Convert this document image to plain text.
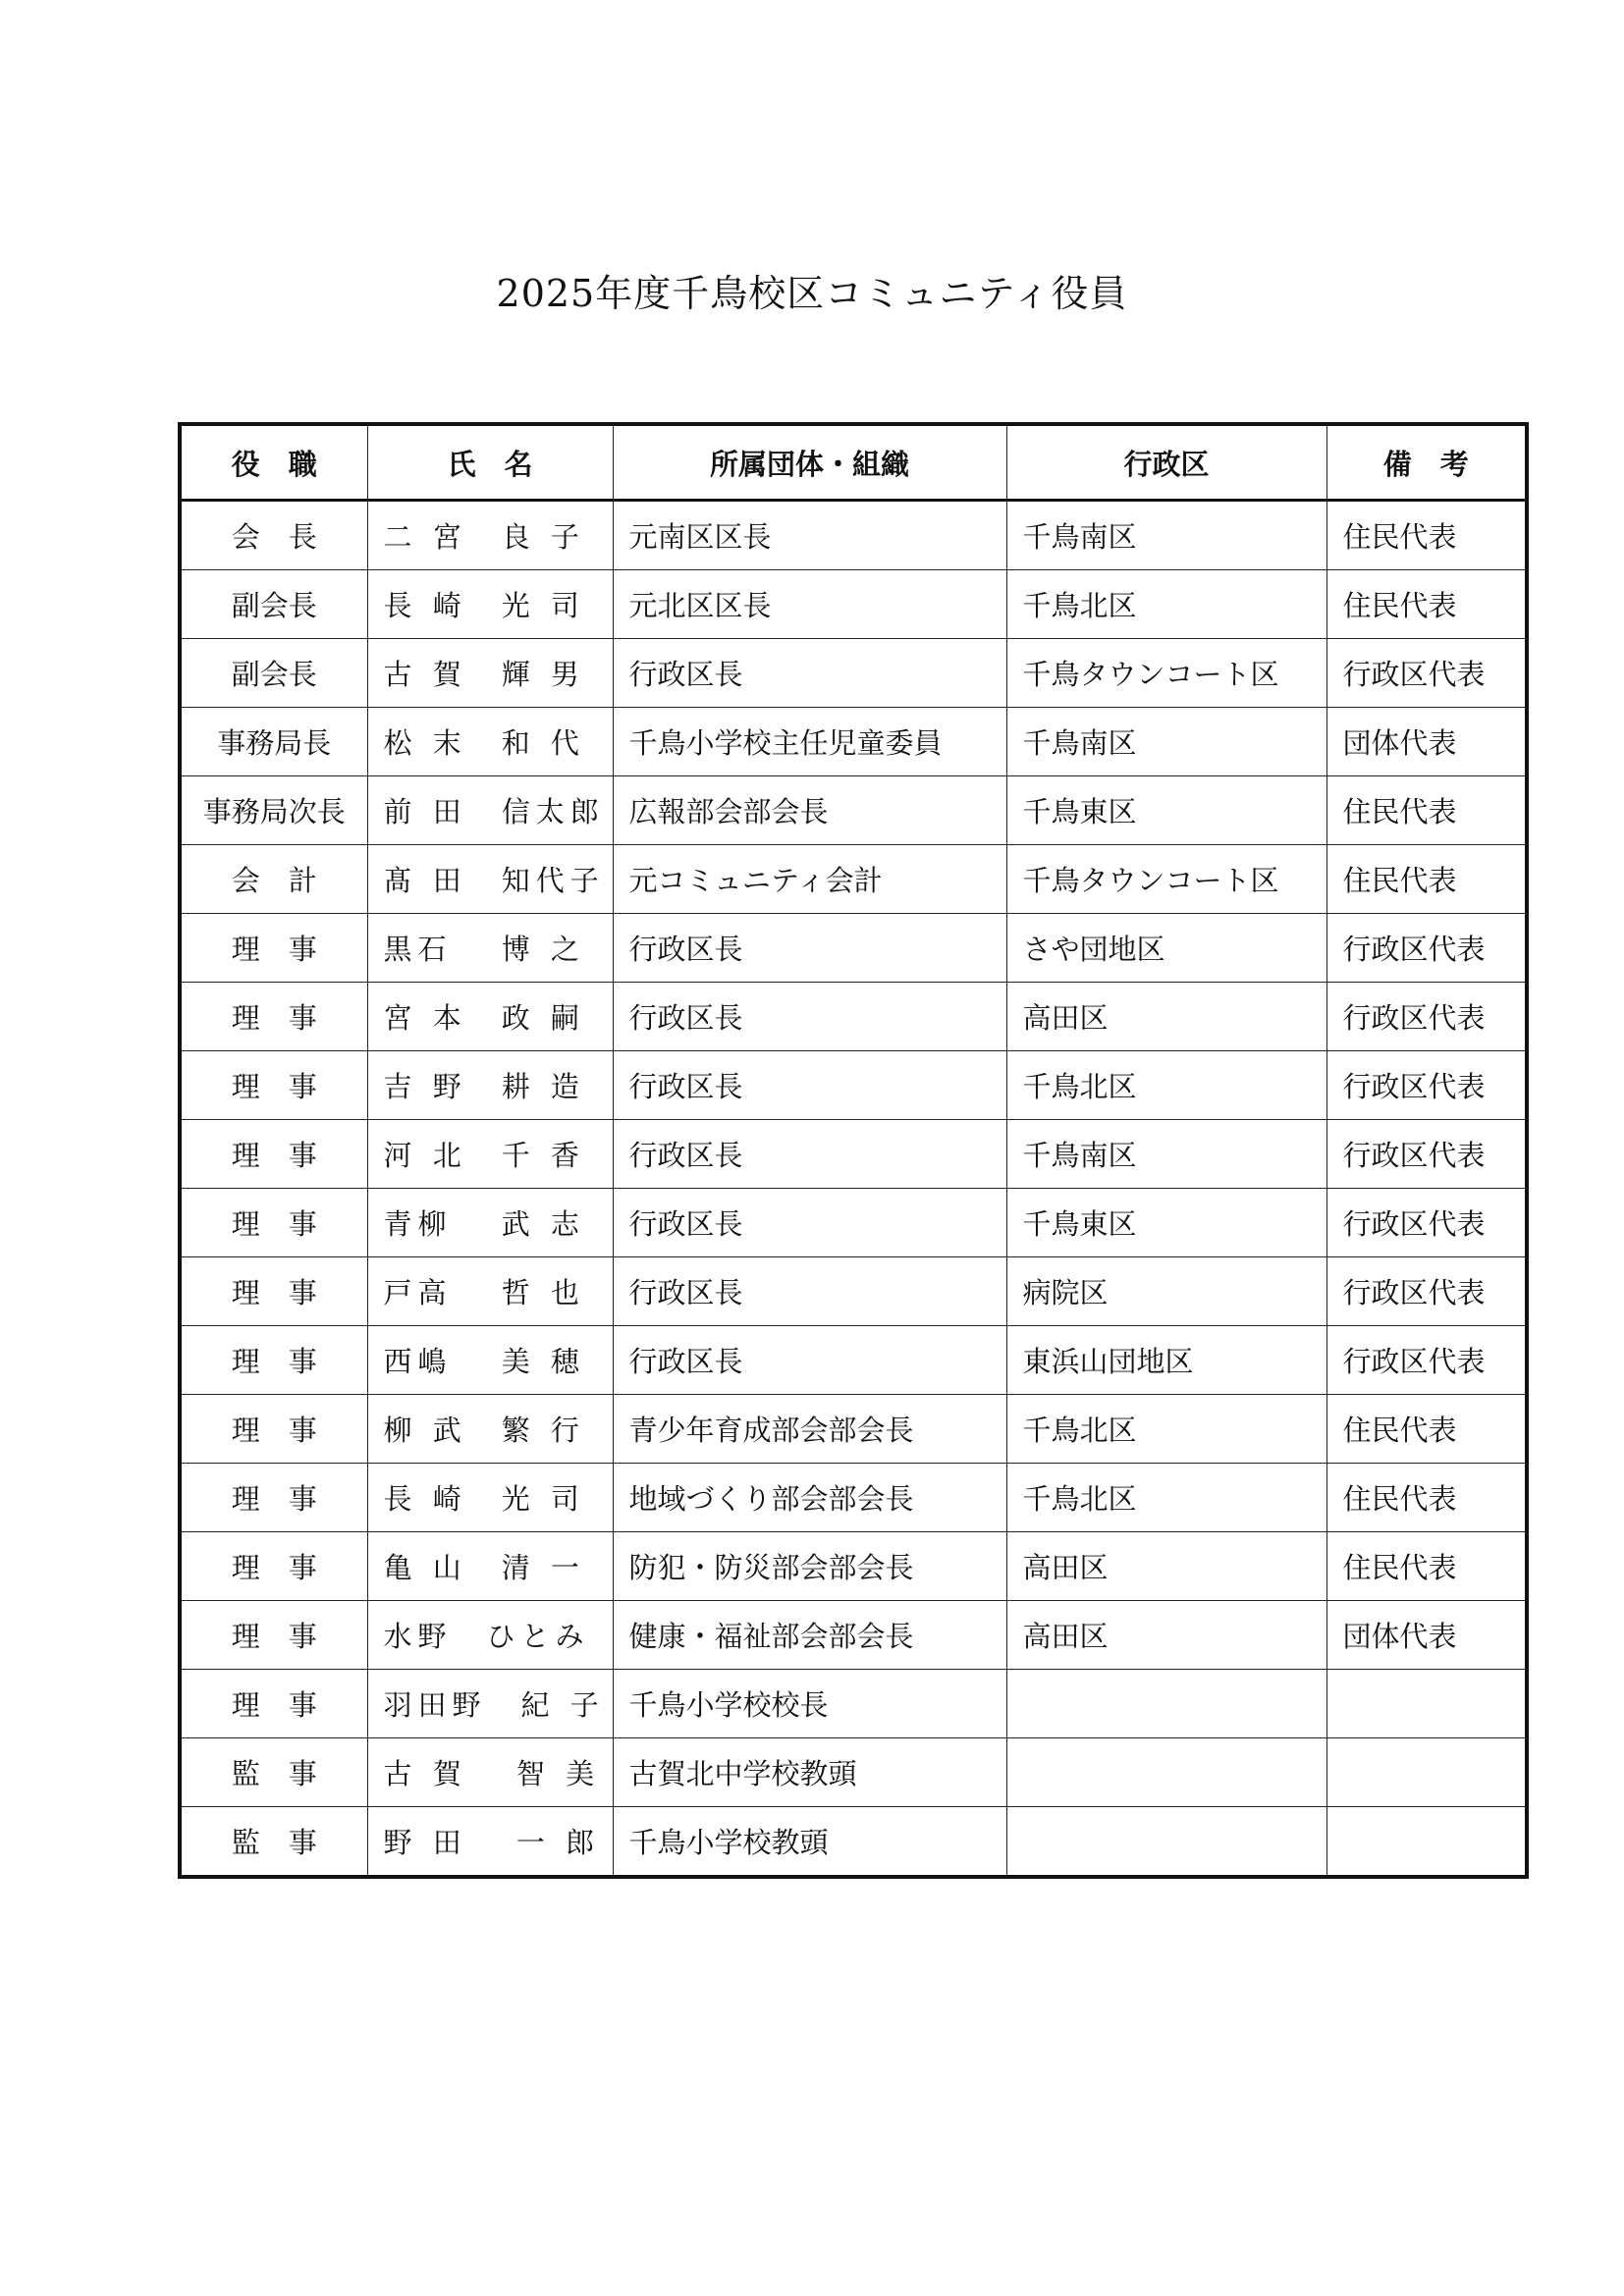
2025年度千鳥校区コミュニティ役員
役　職	氏　名	所属団体・組織	行政区	備　考
会　長	二 宮　良 子	元南区区長	千鳥南区	住民代表
副会長	長 崎　光 司	元北区区長	千鳥北区	住民代表
副会長	古 賀　輝 男	行政区長	千鳥タウンコート区	行政区代表
事務局長	松 末　和 代	千鳥小学校主任児童委員	千鳥南区	団体代表
事務局次長	前 田　信太郎	広報部会部会長	千鳥東区	住民代表
会　計	髙 田　知代子	元コミュニティ会計	千鳥タウンコート区	住民代表
理　事	黒石　 博 之	行政区長	さや団地区	行政区代表
理　事	宮 本　政 嗣	行政区長	高田区	行政区代表
理　事	吉 野　耕 造	行政区長	千鳥北区	行政区代表
理　事	河 北　千 香	行政区長	千鳥南区	行政区代表
理　事	青柳　 武 志	行政区長	千鳥東区	行政区代表
理　事	戸高　 哲 也	行政区長	病院区	行政区代表
理　事	西嶋　 美 穂	行政区長	東浜山団地区	行政区代表
理　事	柳 武　繁 行	青少年育成部会部会長	千鳥北区	住民代表
理　事	長 崎　光 司	地域づくり部会部会長	千鳥北区	住民代表
理　事	亀 山　清 一	防犯・防災部会部会長	高田区	住民代表
理　事	水野　ひとみ	健康・福祉部会部会長	高田区	団体代表
理　事	羽田野　紀 子	千鳥小学校校長		
監　事	古 賀　 智 美	古賀北中学校教頭		
監　事	野 田　 一 郎	千鳥小学校教頭		
